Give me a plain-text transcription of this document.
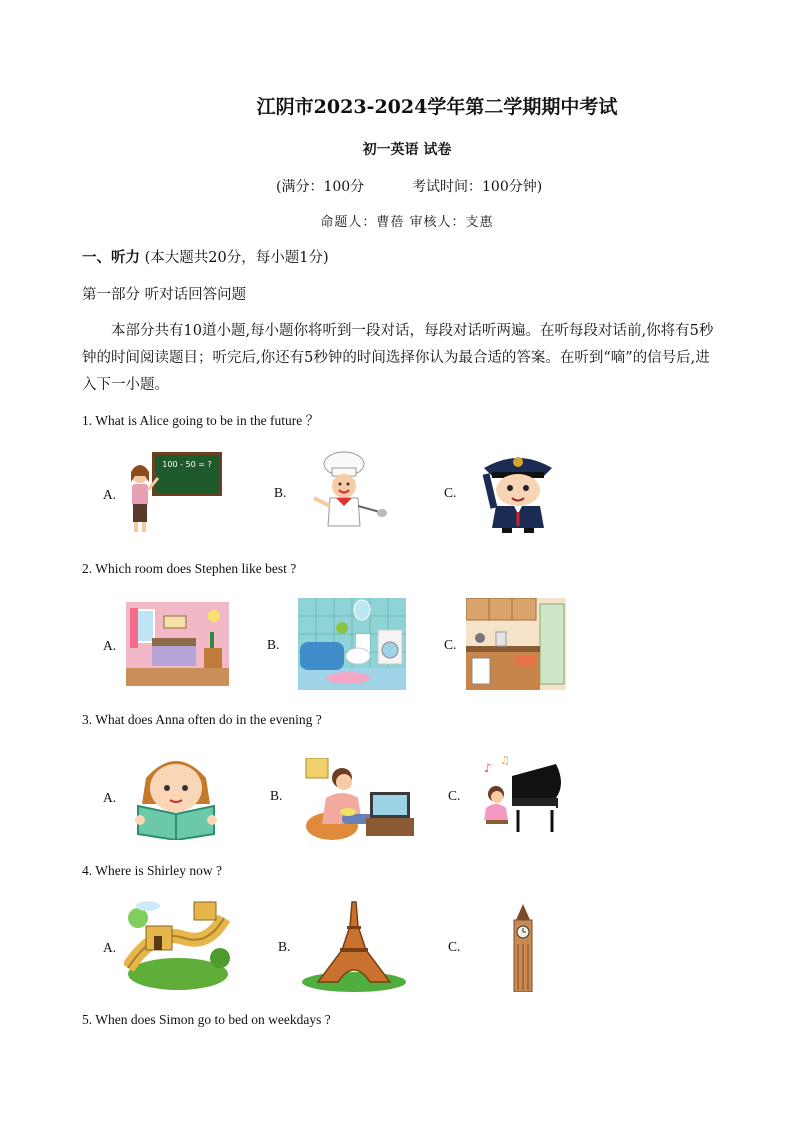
江阴市2023-2024学年第二学期期中考试
初一英语 试卷
(满分：100分	考试时间：100分钟)
命题人：曹蓓 审核人：支惠
一、听力 (本大题共20分，每小题1分)
第一部分 听对话回答问题
本部分共有10道小题,每小题你将听到一段对话，每段对话听两遍。在听每段对话前,你将有5秒钟的时间阅读题目；听完后,你还有5秒钟的时间选择你认为最合适的答案。在听到“嘀”的信号后,进入下一小题。
1. What is Alice going to be in the future ？
A.	B.	C.
100 - 50 = ?
2. Which room does Stephen like best ?
A.	B.	C.
3. What does Anna often do in the evening ?
A.	B.	C.
♪
♫
4. Where is Shirley now ?
A.	B.	C.
5. When does Simon go to bed on weekdays ?
